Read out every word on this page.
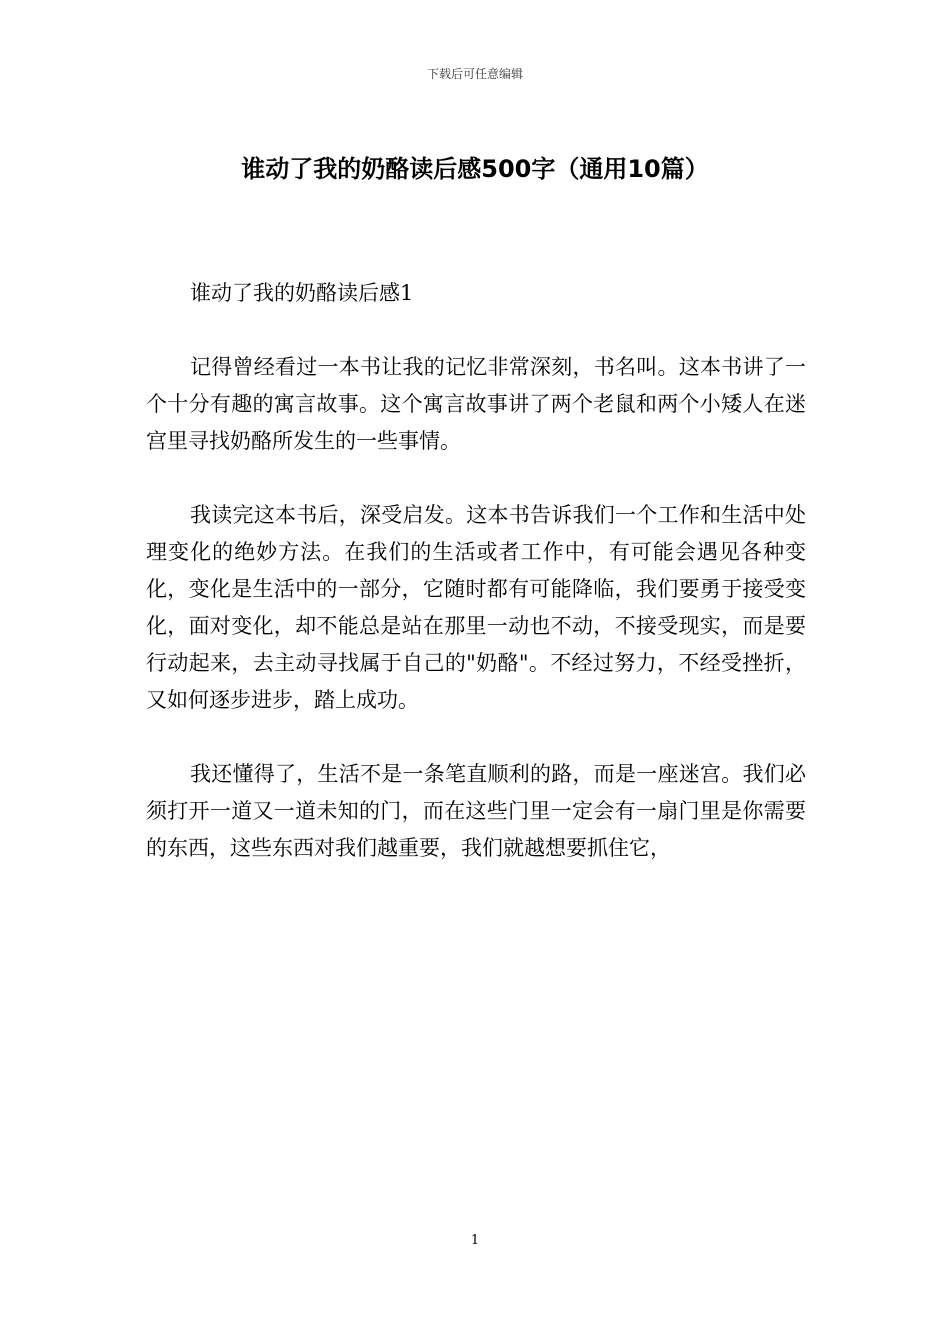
下载后可任意编辑
谁动了我的奶酪读后感500字（通用10篇）

谁动了我的奶酪读后感1

记得曾经看过一本书让我的记忆非常深刻，书名叫。这本书讲了一个十分有趣的寓言故事。这个寓言故事讲了两个老鼠和两个小矮人在迷宫里寻找奶酪所发生的一些事情。

我读完这本书后，深受启发。这本书告诉我们一个工作和生活中处理变化的绝妙方法。在我们的生活或者工作中，有可能会遇见各种变化，变化是生活中的一部分，它随时都有可能降临，我们要勇于接受变化，面对变化，却不能总是站在那里一动也不动，不接受现实，而是要行动起来，去主动寻找属于自己的"奶酪"。不经过努力，不经受挫折，又如何逐步进步，踏上成功。

我还懂得了，生活不是一条笔直顺利的路，而是一座迷宫。我们必须打开一道又一道未知的门，而在这些门里一定会有一扇门里是你需要的东西，这些东西对我们越重要，我们就越想要抓住它，

1
